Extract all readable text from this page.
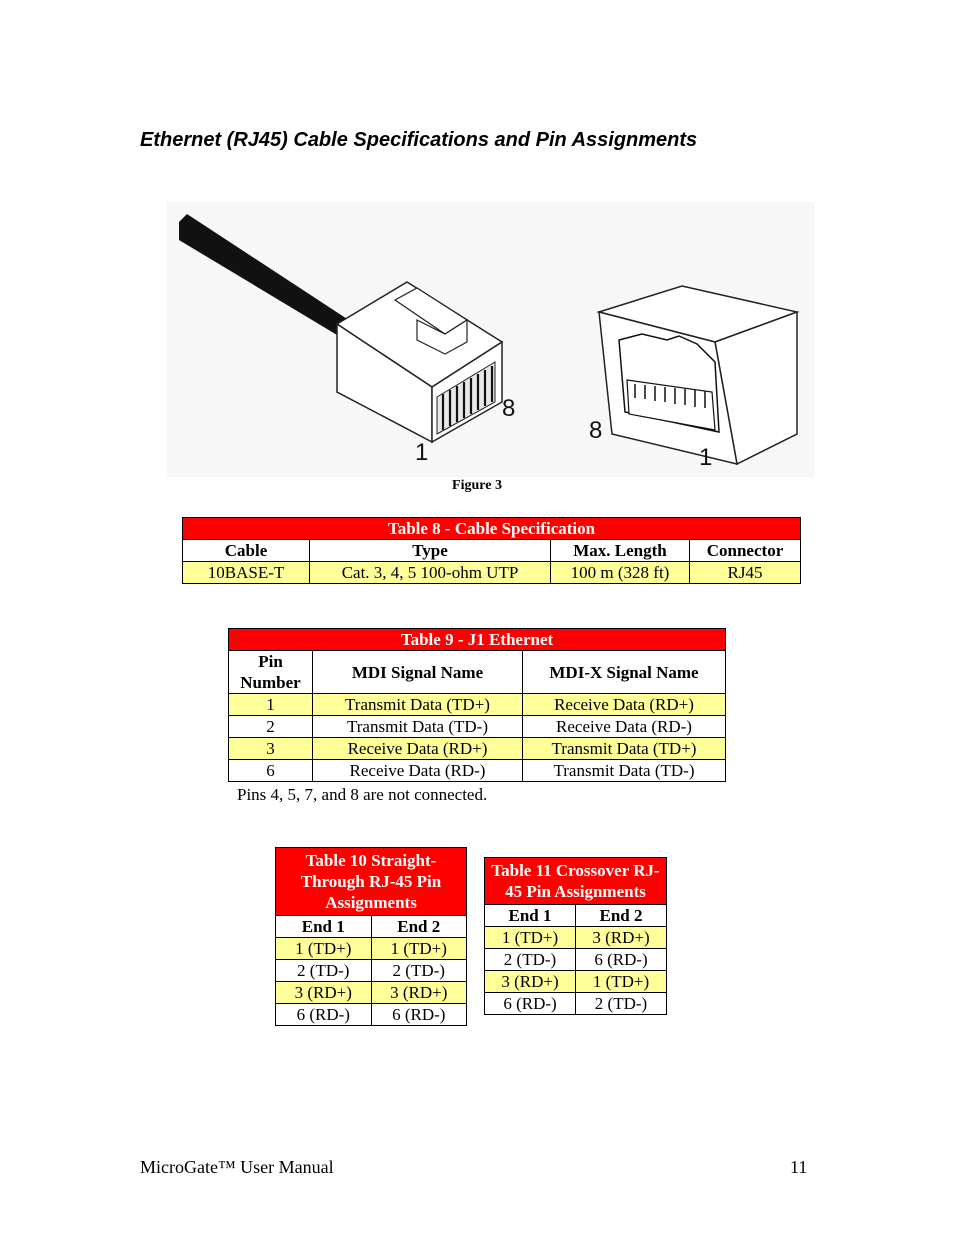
Ethernet (RJ45) Cable Specifications and Pin Assignments
1
8
8
1
Figure 3
Table 8 - Cable Specification			
Cable	Type	Max. Length	Connector
10BASE-T	Cat. 3, 4, 5 100-ohm UTP	100 m (328 ft)	RJ45
Table 9 - J1 Ethernet		
Pin Number	MDI Signal Name	MDI-X Signal Name
1	Transmit Data (TD+)	Receive Data (RD+)
2	Transmit Data (TD-)	Receive Data (RD-)
3	Receive Data (RD+)	Transmit Data (TD+)
6	Receive Data (RD-)	Transmit Data (TD-)
Pins 4, 5, 7, and 8 are not connected.
Table 10 Straight-Through RJ-45 Pin Assignments	
End 1	End 2
1 (TD+)	1 (TD+)
2 (TD-)	2 (TD-)
3 (RD+)	3 (RD+)
6 (RD-)	6 (RD-)
Table 11 Crossover RJ-45 Pin Assignments	
End 1	End 2
1 (TD+)	3 (RD+)
2 (TD-)	6 (RD-)
3 (RD+)	1 (TD+)
6 (RD-)	2 (TD-)
MicroGate™ User Manual	11
